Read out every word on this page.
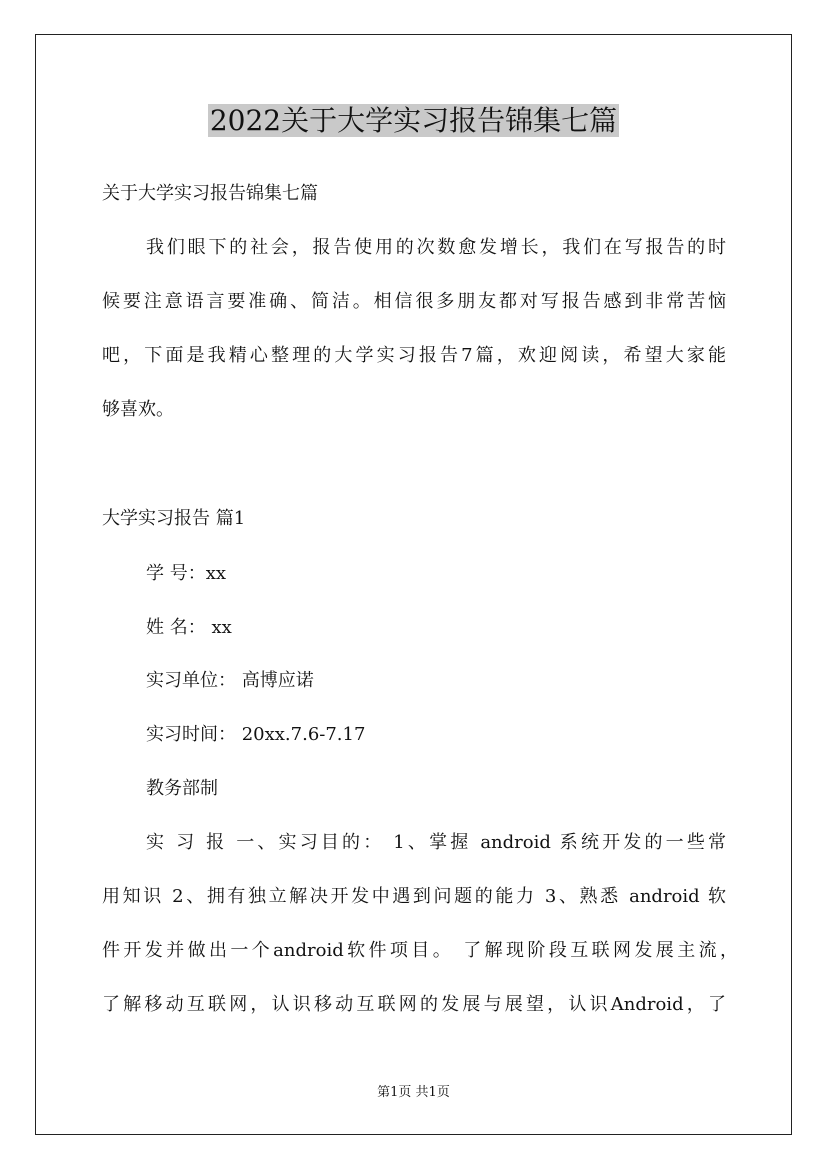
2022关于大学实习报告锦集七篇
关于大学实习报告锦集七篇
我们眼下的社会，报告使用的次数愈发增长，我们在写报告的时
候要注意语言要准确、简洁。相信很多朋友都对写报告感到非常苦恼
吧，下面是我精心整理的大学实习报告7篇，欢迎阅读，希望大家能
够喜欢。
大学实习报告 篇1
学 号：xx
姓 名： xx
实习单位： 高博应诺
实习时间： 20xx.7.6-7.17
教务部制
实 习 报 一、实习目的： 1、掌握 android 系统开发的一些常
用知识 2、拥有独立解决开发中遇到问题的能力 3、熟悉 android 软
件开发并做出一个android软件项目。 了解现阶段互联网发展主流，
了解移动互联网，认识移动互联网的发展与展望，认识Android，了
第1页 共1页
